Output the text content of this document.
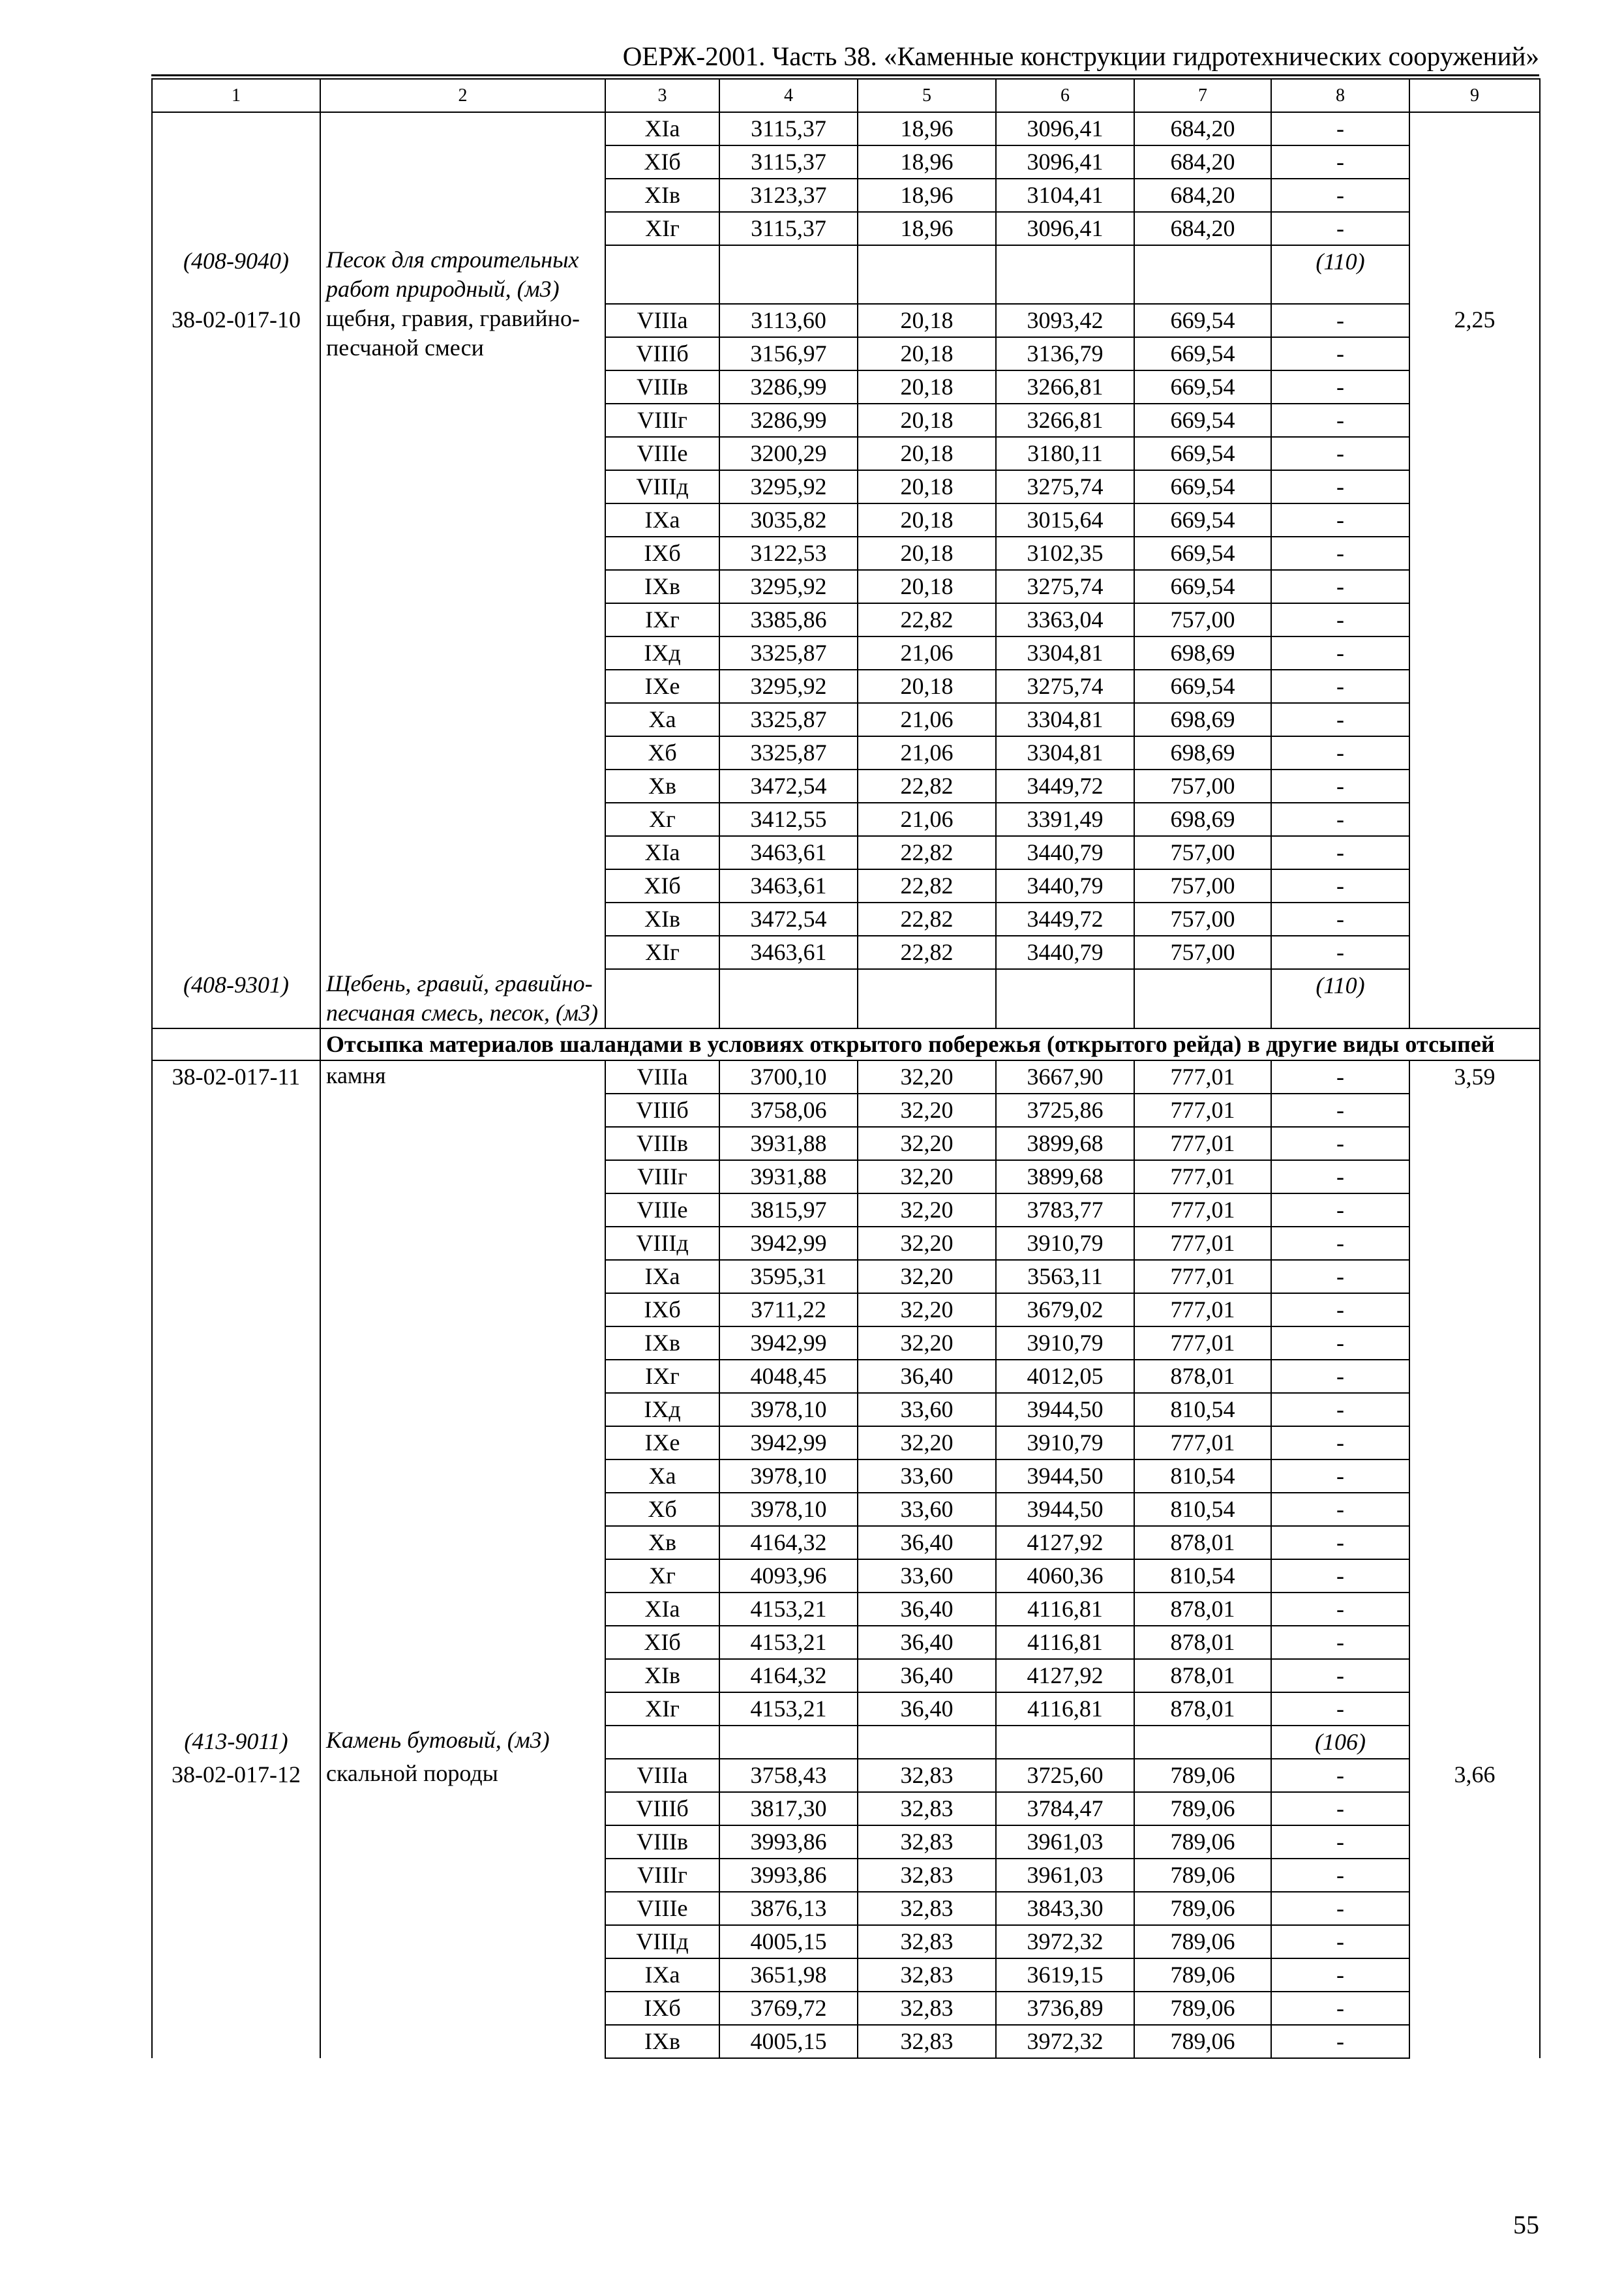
ОЕРЖ-2001. Часть 38. «Каменные конструкции гидротехнических сооружений»
1	2	3	4	5	6	7	8	9
		XIа	3115,37	18,96	3096,41	684,20	-	
		XIб	3115,37	18,96	3096,41	684,20	-	
		XIв	3123,37	18,96	3104,41	684,20	-	
		XIг	3115,37	18,96	3096,41	684,20	-	
(408-9040)	Песок для строительных работ природный, (м3)						(110)	
38-02-017-10	щебня, гравия, гравийно-песчаной смеси	VIIIа	3113,60	20,18	3093,42	669,54	-	2,25
		VIIIб	3156,97	20,18	3136,79	669,54	-	
		VIIIв	3286,99	20,18	3266,81	669,54	-	
		VIIIг	3286,99	20,18	3266,81	669,54	-	
		VIIIе	3200,29	20,18	3180,11	669,54	-	
		VIIIд	3295,92	20,18	3275,74	669,54	-	
		IXа	3035,82	20,18	3015,64	669,54	-	
		IXб	3122,53	20,18	3102,35	669,54	-	
		IXв	3295,92	20,18	3275,74	669,54	-	
		IXг	3385,86	22,82	3363,04	757,00	-	
		IXд	3325,87	21,06	3304,81	698,69	-	
		IXе	3295,92	20,18	3275,74	669,54	-	
		Xа	3325,87	21,06	3304,81	698,69	-	
		Xб	3325,87	21,06	3304,81	698,69	-	
		Xв	3472,54	22,82	3449,72	757,00	-	
		Xг	3412,55	21,06	3391,49	698,69	-	
		XIа	3463,61	22,82	3440,79	757,00	-	
		XIб	3463,61	22,82	3440,79	757,00	-	
		XIв	3472,54	22,82	3449,72	757,00	-	
		XIг	3463,61	22,82	3440,79	757,00	-	
(408-9301)	Щебень, гравий, гравийно-песчаная смесь, песок, (м3)						(110)	
	Отсыпка материалов шаландами в условиях открытого побережья (открытого рейда) в другие виды отсыпей							
38-02-017-11	камня	VIIIа	3700,10	32,20	3667,90	777,01	-	3,59
		VIIIб	3758,06	32,20	3725,86	777,01	-	
		VIIIв	3931,88	32,20	3899,68	777,01	-	
		VIIIг	3931,88	32,20	3899,68	777,01	-	
		VIIIе	3815,97	32,20	3783,77	777,01	-	
		VIIIд	3942,99	32,20	3910,79	777,01	-	
		IXа	3595,31	32,20	3563,11	777,01	-	
		IXб	3711,22	32,20	3679,02	777,01	-	
		IXв	3942,99	32,20	3910,79	777,01	-	
		IXг	4048,45	36,40	4012,05	878,01	-	
		IXд	3978,10	33,60	3944,50	810,54	-	
		IXе	3942,99	32,20	3910,79	777,01	-	
		Xа	3978,10	33,60	3944,50	810,54	-	
		Xб	3978,10	33,60	3944,50	810,54	-	
		Xв	4164,32	36,40	4127,92	878,01	-	
		Xг	4093,96	33,60	4060,36	810,54	-	
		XIа	4153,21	36,40	4116,81	878,01	-	
		XIб	4153,21	36,40	4116,81	878,01	-	
		XIв	4164,32	36,40	4127,92	878,01	-	
		XIг	4153,21	36,40	4116,81	878,01	-	
(413-9011)	Камень бутовый, (м3)						(106)	
38-02-017-12	скальной породы	VIIIа	3758,43	32,83	3725,60	789,06	-	3,66
		VIIIб	3817,30	32,83	3784,47	789,06	-	
		VIIIв	3993,86	32,83	3961,03	789,06	-	
		VIIIг	3993,86	32,83	3961,03	789,06	-	
		VIIIе	3876,13	32,83	3843,30	789,06	-	
		VIIIд	4005,15	32,83	3972,32	789,06	-	
		IXа	3651,98	32,83	3619,15	789,06	-	
		IXб	3769,72	32,83	3736,89	789,06	-	
		IXв	4005,15	32,83	3972,32	789,06	-	
55
